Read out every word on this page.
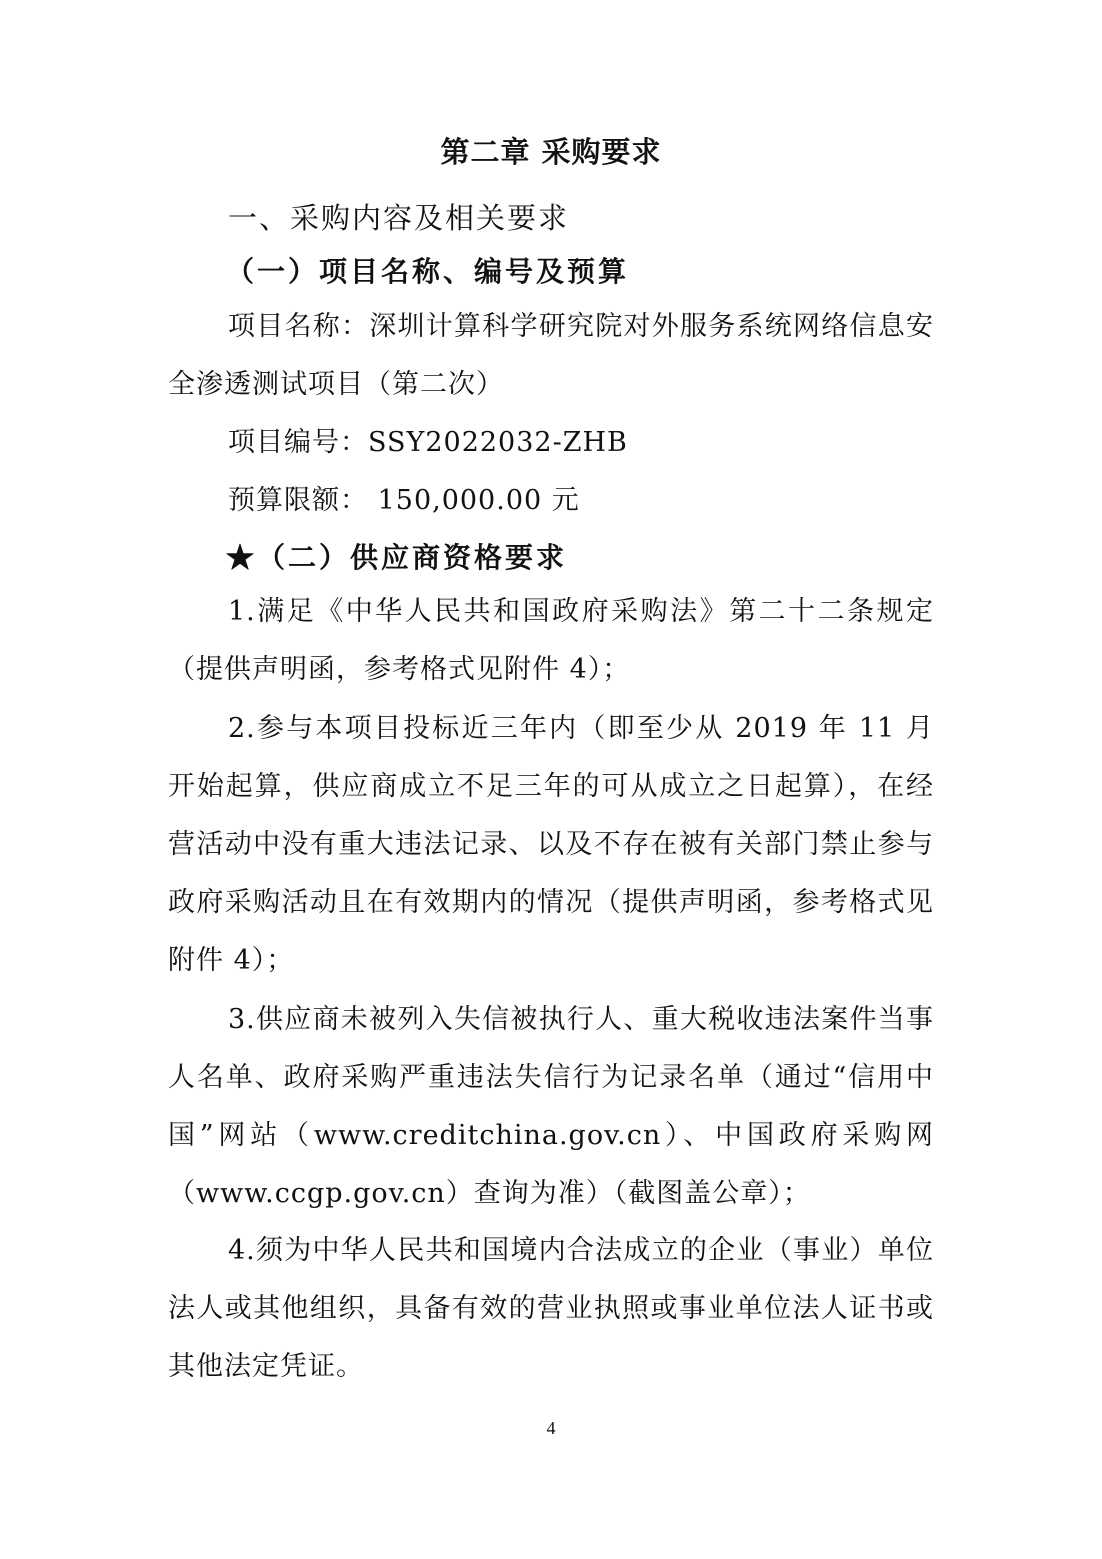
第二章 采购要求
一、采购内容及相关要求
（一）项目名称、编号及预算
项目名称：深圳计算科学研究院对外服务系统网络信息安全渗透测试项目（第二次）
项目编号：SSY2022032-ZHB
预算限额： 150,000.00 元
★（二）供应商资格要求
1.满足《中华人民共和国政府采购法》第二十二条规定（提供声明函，参考格式见附件 4）；
2.参与本项目投标近三年内（即至少从 2019 年 11 月开始起算，供应商成立不足三年的可从成立之日起算），在经营活动中没有重大违法记录、以及不存在被有关部门禁止参与政府采购活动且在有效期内的情况（提供声明函，参考格式见附件 4）；
3.供应商未被列入失信被执行人、重大税收违法案件当事人名单、政府采购严重违法失信行为记录名单（通过“信用中国”网站（www.creditchina.gov.cn）、中国政府采购网（www.ccgp.gov.cn）查询为准）（截图盖公章）；
4.须为中华人民共和国境内合法成立的企业（事业）单位法人或其他组织，具备有效的营业执照或事业单位法人证书或其他法定凭证。
4
